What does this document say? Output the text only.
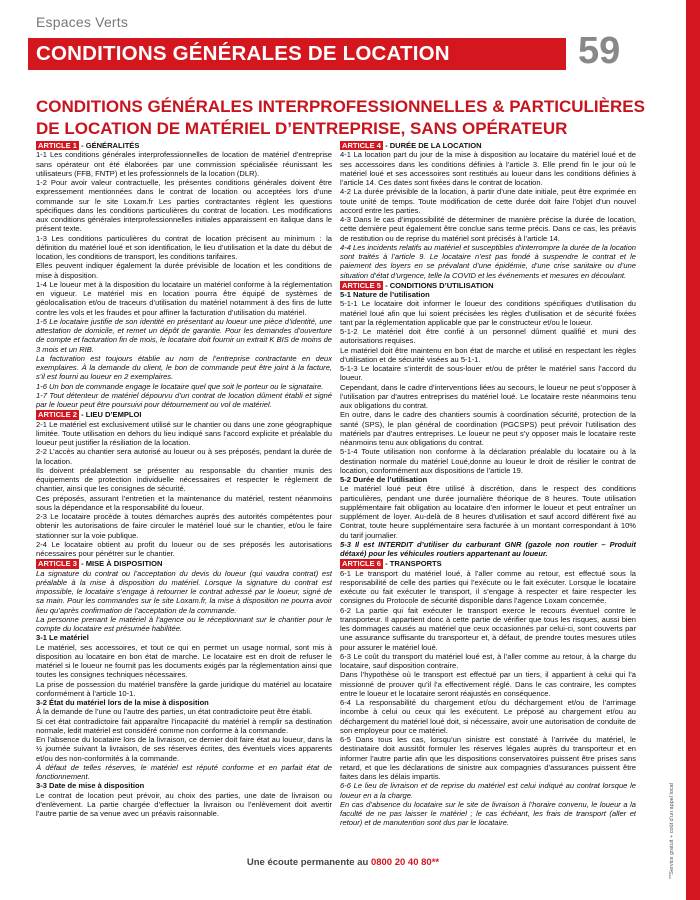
Espaces Verts
CONDITIONS GÉNÉRALES DE LOCATION	59
CONDITIONS GÉNÉRALES INTERPROFESSIONNELLES & PARTICULIÈRES
DE LOCATION DE MATÉRIEL D’ENTREPRISE, SANS OPÉRATEUR
ARTICLE 1 - GÉNÉRALITÉS

1-1 Les conditions générales interprofessionnelles de location de matériel d’entreprise sans opérateur ont été élaborées par une commission spécialisée réunissant les utilisateurs (FFB, FNTP) et les professionnels de la location (DLR).

1-2 Pour avoir valeur contractuelle, les présentes conditions générales doivent être expressement mentionnées dans le contrat de location ou acceptées lors d’une commande sur le site Loxam.fr Les parties contractantes règlent les questions spécifiques dans les conditions particulières du contrat de location. Les modifications aux conditions générales interprofessionnelles initiales apparaissent en italique dans le présent texte.

1-3 Les conditions particulières du contrat de location précisent au minimum : la définition du matériel loué et son identification, le lieu d’utilisation et la date du début de location, les conditions de transport, les conditions tarifaires.

Elles peuvent indiquer également la durée prévisible de location et les conditions de mise à disposition.

1-4 Le loueur met à la disposition du locataire un matériel conforme à la réglementation en vigueur. Le matériel mis en location pourra être équipé de systèmes de géolocalisation et/ou de traceurs d’utilisation du matériel notamment à des fins de lutte contre les vols et les fraudes et pour affiner la facturation d’utilisation du matériel.

1-5 Le locataire justifie de son identité en présentant au loueur une pièce d’identité, une attestation de domicile, et remet un dépôt de garantie. Pour les demandes d’ouverture de compte et facturation fin de mois, le locataire doit fournir un extrait K BIS de moins de 3 mois et un RIB.

La facturation est toujours établie au nom de l’entreprise contractante en deux exemplaires. À la demande du client, le bon de commande peut être joint à la facture, s’il est fourni au loueur en 2 exemplaires.

1-6 Un bon de commande engage le locataire quel que soit le porteur ou le signataire.

1-7 Tout détenteur de matériel dépourvu d’un contrat de location dûment établi et signé par le loueur peut être poursuivi pour détournement ou vol de matériel.

ARTICLE 2 - LIEU D’EMPLOI

2-1 Le matériel est exclusivement utilisé sur le chantier ou dans une zone géographique limitée. Toute utilisation en dehors du lieu indiqué sans l’accord explicite et préalable du loueur peut justifier la résiliation de la location.

2-2 L’accès au chantier sera autorisé au loueur ou à ses préposés, pendant la durée de la location.

Ils doivent préalablement se présenter au responsable du chantier munis des équipements de protection individuelle nécessaires et respecter le règlement de chantier, ainsi que les consignes de sécurité.

Ces préposés, assurant l’entretien et la maintenance du matériel, restent néanmoins sous la dépendance et la responsabilité du loueur.

2-3 Le locataire procède à toutes démarches auprès des autorités compétentes pour obtenir les autorisations de faire circuler le matériel loué sur le chantier, et/ou le faire stationner sur la voie publique.

2-4 Le locataire obtient au profit du loueur ou de ses préposés les autorisations nécessaires pour pénétrer sur le chantier.

ARTICLE 3 - MISE À DISPOSITION

La signature du contrat ou l’acceptation du devis du loueur (qui vaudra contrat) est préalable à la mise à disposition du matériel. Lorsque la signature du contrat est impossible, le locataire s’engage à retourner le contrat adressé par le loueur, signé de sa main. Pour les commandes sur le site Loxam.fr, la mise à disposition ne pourra avoir lieu qu’après confirmation de l’acceptation de la commande.

La personne prenant le matériel à l’agence ou le réceptionnant sur le chantier pour le compte du locataire est présumée habilitée.

3-1 Le matériel

Le matériel, ses accessoires, et tout ce qui en permet un usage normal, sont mis à disposition au locataire en bon état de marche. Le locataire est en droit de refuser le matériel si le loueur ne fournit pas les documents exigés par la réglementation ainsi que toutes les consignes techniques nécessaires.

La prise de possession du matériel transfère la garde juridique du matériel au locataire conformément à l’article 10-1.

3-2 État du matériel lors de la mise à disposition

À la demande de l’une ou l’autre des parties, un état contradictoire peut être établi.

Si cet état contradictoire fait apparaître l’incapacité du matériel à remplir sa destination normale, ledit matériel est considéré comme non conforme à la commande.

En l’absence du locataire lors de la livraison, ce dernier doit faire état au loueur, dans la ½ journée suivant la livraison, de ses réserves écrites, des éventuels vices apparents et/ou des non-conformités à la commande.

À défaut de telles réserves, le matériel est réputé conforme et en parfait état de fonctionnement.

3-3 Date de mise à disposition

Le contrat de location peut prévoir, au choix des parties, une date de livraison ou d’enlèvement. La partie chargée d’effectuer la livraison ou l’enlèvement doit avertir l’autre partie de sa venue avec un préavis raisonnable.

ARTICLE 4 - DURÉE DE LA LOCATION

4-1 La location part du jour de la mise à disposition au locataire du matériel loué et de ses accessoires dans les conditions définies à l’article 3. Elle prend fin le jour où le matériel loué et ses accessoires sont restitués au loueur dans les conditions définies à l’article 14. Ces dates sont fixées dans le contrat de location.

4-2 La durée prévisible de la location, à partir d’une date initiale, peut être exprimée en toute unité de temps. Toute modification de cette durée doit faire l’objet d’un nouvel accord entre les parties.

4-3 Dans le cas d’impossibilité de déterminer de manière précise la durée de location, cette dernière peut également être conclue sans terme précis. Dans ce cas, les préavis de restitution ou de reprise du matériel sont précisés à l’article 14.

4-4 Les incidents relatifs au matériel et susceptibles d’interrompre la durée de la location sont traités à l’article 9. Le locataire n’est pas fondé à suspendre le contrat et le paiement des loyers en se prévalant d’une épidémie, d’une crise sanitaire ou d’une situation d’état d’urgence, telle la COVID et les événements et mesures en découlant.

ARTICLE 5 - CONDITIONS D’UTILISATION

5-1 Nature de l’utilisation

5-1-1 Le locataire doit informer le loueur des conditions spécifiques d’utilisation du matériel loué afin que lui soient précisées les règles d’utilisation et de sécurité fixées tant par la réglementation applicable que par le constructeur et/ou le loueur.

5-1-2 Le matériel doit être confié à un personnel dûment qualifié et muni des autorisations requises.

Le matériel doit être maintenu en bon état de marche et utilisé en respectant les règles d’utilisation et de sécurité visées au 5-1-1.

5-1-3 Le locataire s’interdit de sous-louer et/ou de prêter le matériel sans l’accord du loueur.

Cependant, dans le cadre d’interventions liées au secours, le loueur ne peut s’opposer à l’utilisation par d’autres entreprises du matériel loué. Le locataire reste néanmoins tenu aux obligations du contrat.

En outre, dans le cadre des chantiers soumis à coordination sécurité, protection de la santé (SPS), le plan général de coordination (PGCSPS) peut prévoir l’utilisation des matériels par d’autres entreprises. Le loueur ne peut s’y opposer mais le locataire reste néanmoins tenu aux obligations du contrat.

5-1-4 Toute utilisation non conforme à la déclaration préalable du locataire ou à la destination normale du matériel Loué,donne au loueur le droit de résilier le contrat de location, conformément aux dispositions de l’article 19.

5-2 Durée de l’utilisation

Le matériel loué peut être utilisé à discrétion, dans le respect des conditions particulières, pendant une durée journalière théorique de 8 heures. Toute utilisation supplémentaire fait obligation au locataire d’en informer le loueur et peut entraîner un supplément de loyer. Au-delà de 8 heures d’utilisation et sauf accord différent fixé au Contrat, toute heure supplémentaire sera facturée à un montant correspondant à 10% du tarif journalier.

5-3 Il est INTERDIT d’utiliser du carburant GNR (gazole non routier – Produit détaxé) pour les véhicules routiers appartenant au loueur.

ARTICLE 6 - TRANSPORTS

6-1 Le transport du matériel loué, à l’aller comme au retour, est effectué sous la responsabilité de celle des parties qui l’exécute ou le fait exécuter. Lorsque le locataire exécute ou fait exécuter le transport, il s’engage à respecter et faire respecter les consignes du Protocole de sécurité disponible dans l’agence Loxam concernée.

6-2 La partie qui fait exécuter le transport exerce le recours éventuel contre le transporteur. Il appartient donc à cette partie de vérifier que tous les risques, aussi bien les dommages causés au matériel que ceux occasionnés par celui-ci, sont couverts par une assurance suffisante du transporteur et, à défaut, de prendre toutes mesures utiles pour assurer le matériel loué.

6-3 Le coût du transport du matériel loué est, à l’aller comme au retour, à la charge du locataire, sauf disposition contraire.

Dans l’hypothèse où le transport est effectué par un tiers, il appartient à celui qui l’a missionné de prouver qu’il l’a effectivement réglé. Dans le cas contraire, les comptes entre le loueur et le locataire seront réajustés en conséquence.

6-4 La responsabilité du chargement et/ou du déchargement et/ou de l’arrimage incombe à celui ou ceux qui les exécutent. Le préposé au chargement et/ou au déchargement du matériel loué doit, si nécessaire, avoir une autorisation de conduite de son employeur pour ce matériel.

6-5 Dans tous les cas, lorsqu’un sinistre est constaté à l’arrivée du matériel, le destinataire doit aussitôt formuler les réserves légales auprès du transporteur et en informer l’autre partie afin que les dispositions conservatoires puissent être prises sans retard, et que les déclarations de sinistre aux compagnies d’assurances puissent être faites dans les délais impartis.

6-6 Le lieu de livraison et de reprise du matériel est celui indiqué au contrat lorsque le loueur en a la charge.

En cas d’absence du locataire sur le site de livraison à l’horaire convenu, le loueur a la faculté de ne pas laisser le matériel ; le cas échéant, les frais de transport (aller et retour) et de manutention sont dus par le locataire.

Une écoute permanente au 0800 20 40 80**	**Service gratuit + coût d’un appel local
